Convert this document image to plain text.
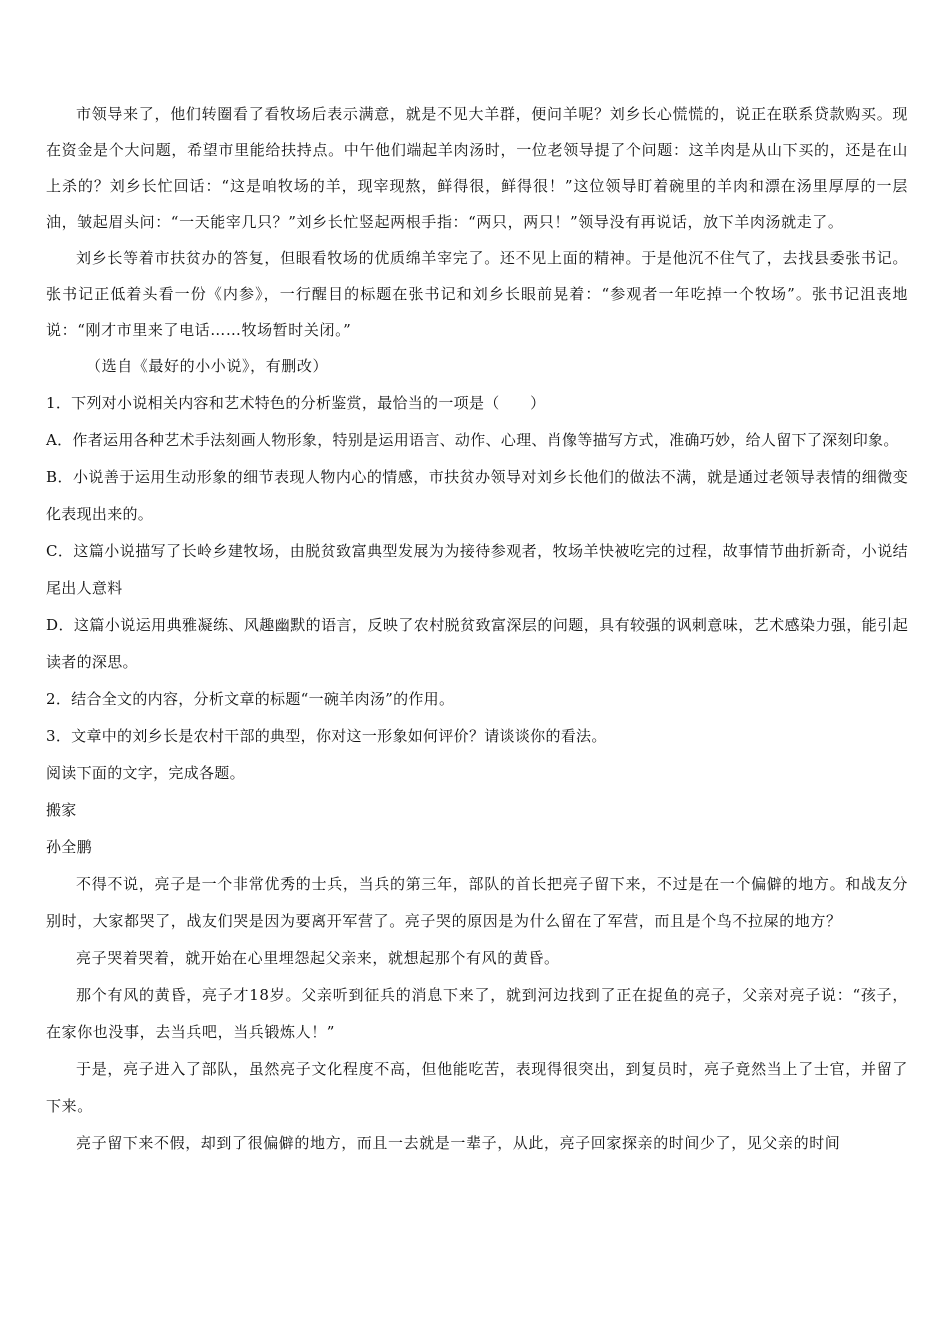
市领导来了，他们转圈看了看牧场后表示满意，就是不见大羊群，便问羊呢？刘乡长心慌慌的，说正在联系贷款购买。现在资金是个大问题，希望市里能给扶持点。中午他们端起羊肉汤时，一位老领导提了个问题：这羊肉是从山下买的，还是在山上杀的？刘乡长忙回话：“这是咱牧场的羊，现宰现熬，鲜得很，鲜得很！”这位领导盯着碗里的羊肉和漂在汤里厚厚的一层油，皱起眉头问：“一天能宰几只？”刘乡长忙竖起两根手指：“两只，两只！”领导没有再说话，放下羊肉汤就走了。

刘乡长等着市扶贫办的答复，但眼看牧场的优质绵羊宰完了。还不见上面的精神。于是他沉不住气了，去找县委张书记。张书记正低着头看一份《内参》，一行醒目的标题在张书记和刘乡长眼前晃着：“参观者一年吃掉一个牧场”。张书记沮丧地说：“刚才市里来了电话……牧场暂时关闭。”

（选自《最好的小小说》，有删改）

1．下列对小说相关内容和艺术特色的分析鉴赏，最恰当的一项是（　　）

A．作者运用各种艺术手法刻画人物形象，特别是运用语言、动作、心理、肖像等描写方式，准确巧妙，给人留下了深刻印象。

B．小说善于运用生动形象的细节表现人物内心的情感，市扶贫办领导对刘乡长他们的做法不满，就是通过老领导表情的细微变化表现出来的。

C．这篇小说描写了长岭乡建牧场，由脱贫致富典型发展为为接待参观者，牧场羊快被吃完的过程，故事情节曲折新奇，小说结尾出人意料

D．这篇小说运用典雅凝练、风趣幽默的语言，反映了农村脱贫致富深层的问题，具有较强的讽刺意味，艺术感染力强，能引起读者的深思。

2．结合全文的内容，分析文章的标题“一碗羊肉汤”的作用。

3．文章中的刘乡长是农村干部的典型，你对这一形象如何评价？请谈谈你的看法。

阅读下面的文字，完成各题。

搬家

孙全鹏

不得不说，亮子是一个非常优秀的士兵，当兵的第三年，部队的首长把亮子留下来，不过是在一个偏僻的地方。和战友分别时，大家都哭了，战友们哭是因为要离开军营了。亮子哭的原因是为什么留在了军营，而且是个鸟不拉屎的地方？

亮子哭着哭着，就开始在心里埋怨起父亲来，就想起那个有风的黄昏。

那个有风的黄昏，亮子才18岁。父亲听到征兵的消息下来了，就到河边找到了正在捉鱼的亮子，父亲对亮子说：“孩子，在家你也没事，去当兵吧，当兵锻炼人！”

于是，亮子进入了部队，虽然亮子文化程度不高，但他能吃苦，表现得很突出，到复员时，亮子竟然当上了士官，并留了下来。

亮子留下来不假，却到了很偏僻的地方，而且一去就是一辈子，从此，亮子回家探亲的时间少了，见父亲的时间
